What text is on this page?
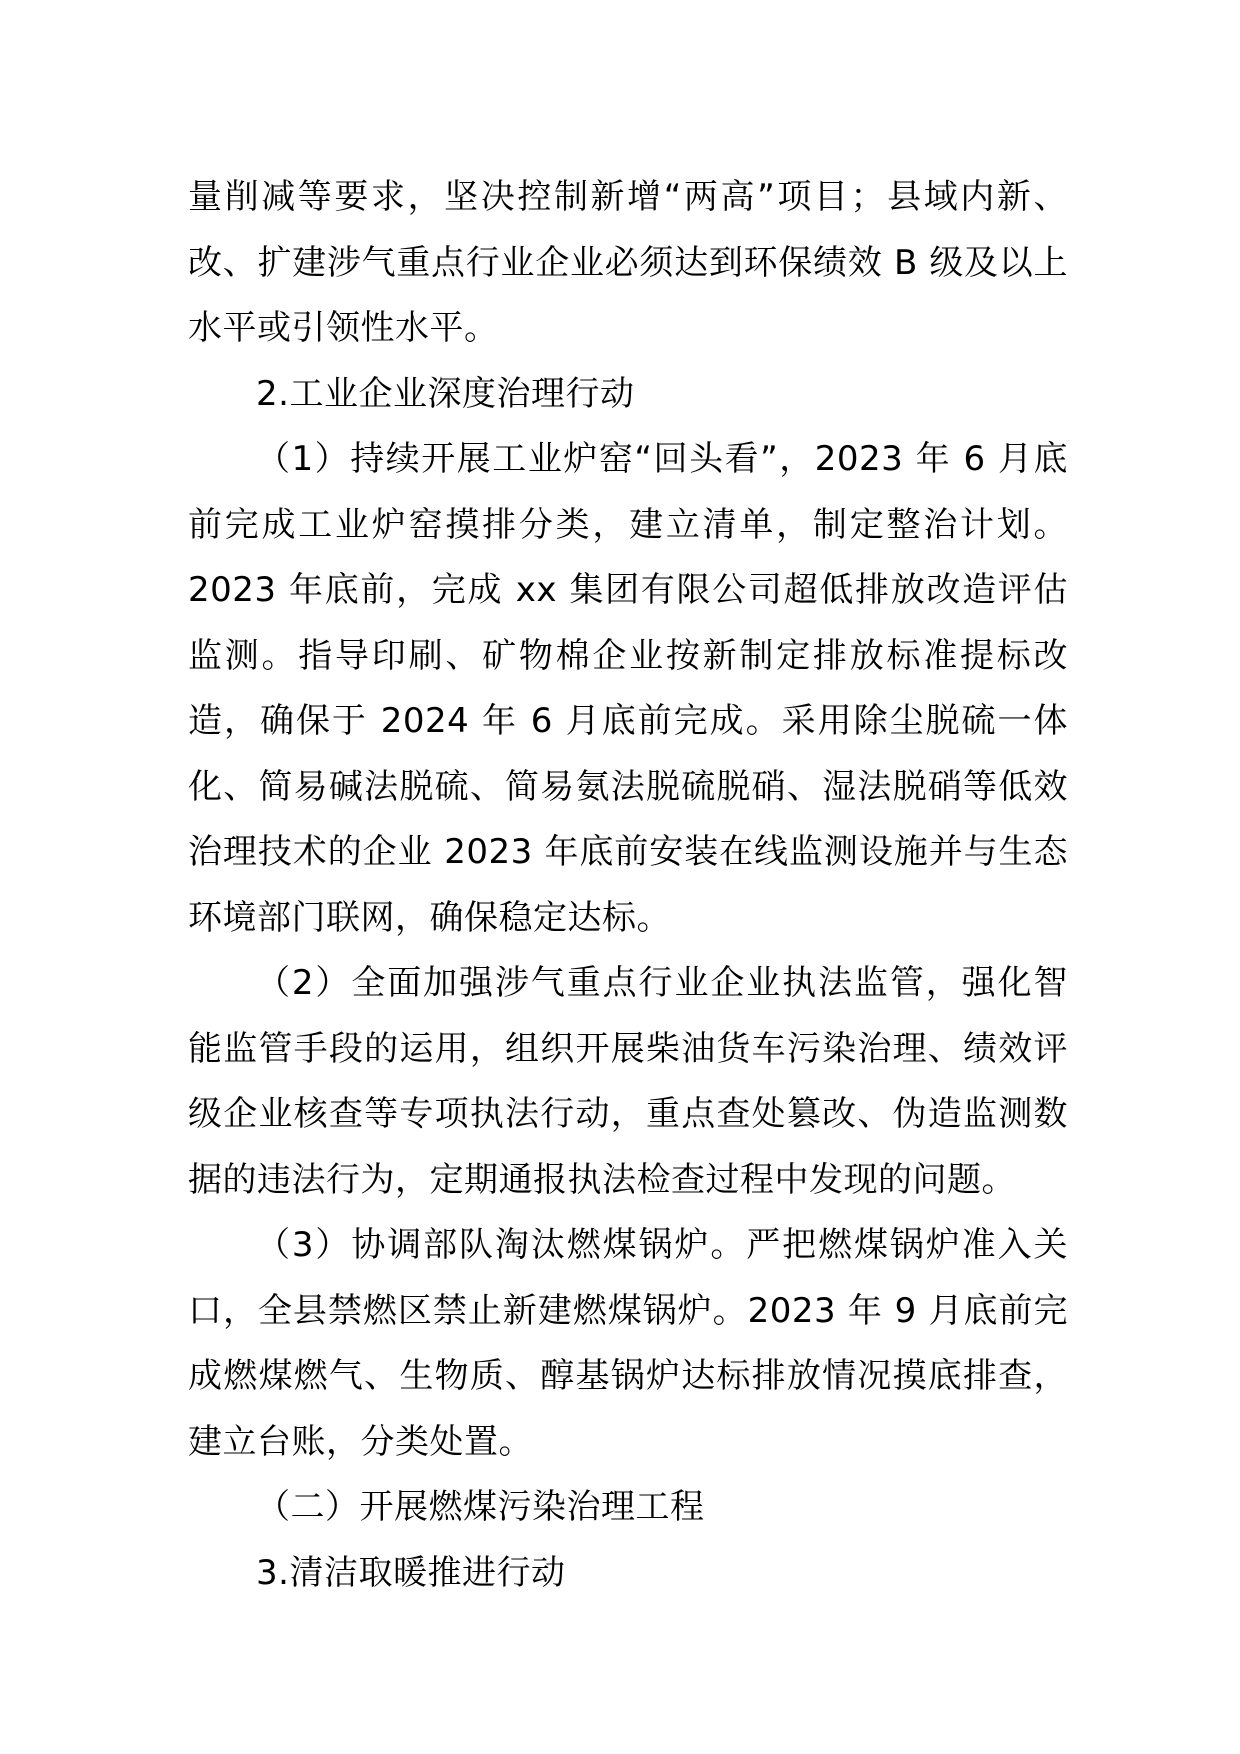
量削减等要求，坚决控制新增“两高”项目；县域内新、改、扩建涉气重点行业企业必须达到环保绩效 B 级及以上水平或引领性水平。

2.工业企业深度治理行动

（1）持续开展工业炉窑“回头看”，2023 年 6 月底前完成工业炉窑摸排分类，建立清单，制定整治计划。 2023 年底前，完成 xx 集团有限公司超低排放改造评估监测。指导印刷、矿物棉企业按新制定排放标准提标改造，确保于 2024 年 6 月底前完成。采用除尘脱硫一体化、简易碱法脱硫、简易氨法脱硫脱硝、湿法脱硝等低效治理技术的企业 2023 年底前安装在线监测设施并与生态环境部门联网，确保稳定达标。

（2）全面加强涉气重点行业企业执法监管，强化智能监管手段的运用，组织开展柴油货车污染治理、绩效评级企业核查等专项执法行动，重点查处篡改、伪造监测数据的违法行为，定期通报执法检查过程中发现的问题。

（3）协调部队淘汰燃煤锅炉。严把燃煤锅炉准入关口，全县禁燃区禁止新建燃煤锅炉。2023 年 9 月底前完成燃煤燃气、生物质、醇基锅炉达标排放情况摸底排查，建立台账，分类处置。

（二）开展燃煤污染治理工程

3.清洁取暖推进行动
